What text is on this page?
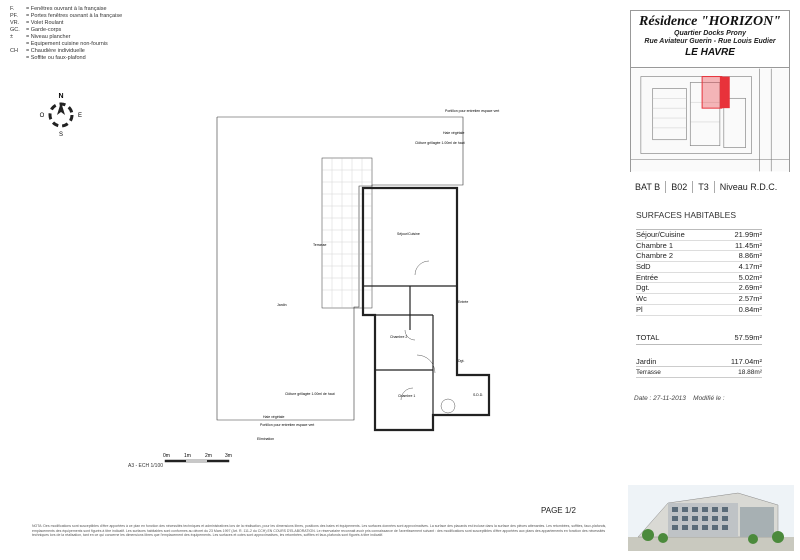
F.	= Fenêtres ouvrant à la française
PF.	= Portes fenêtres ouvrant à la française
VR.	= Volet Roulant
GC.	= Garde-corps
±	= Niveau plancher
= Equipement cuisine non-fournis
CH	= Chaudière individuelle
= Soffite ou faux-plafond
N
O	E
S
Terrasse
Jardin
Séjour/Cuisine
Chambre 2
Chambre 1
Entrée
Dgt.
S.D.D.
Clôture grillagée 1.00ml de haut
Clôture grillagée 1.00ml de haut
Haie végétale
Haie végétale
Portillon pour entretien espace vert
Portillon pour entretien espace vert
Elimination
0m	1m	2m	3m
A3 - ECH 1/100
Résidence "HORIZON"
Quartier Docks Prony
Rue Aviateur Guerin - Rue Louis Eudier
LE HAVRE
BAT B	B02	T3	Niveau R.D.C.
SURFACES HABITABLES
Séjour/Cuisine	21.99m²
Chambre 1	11.45m²
Chambre 2	8.86m²
SdD	4.17m²
Entrée	5.02m²
Dgt.	2.69m²
Wc	2.57m²
Pl	0.84m²
TOTAL	57.59m²
Jardin	117.04m²
Terrasse	18.88m²
Date : 27-11-2013 Modifié le :
PAGE 1/2
NOTA: Des modifications sont susceptibles d'être apportées à ce plan en fonction des nécessités techniques et administratives lors de la réalisation, pour les dimensions libres, positions des baies et équipements. Les surfaces données sont approximatives. La surface des placards est incluse dans la surface des pièces attenantes. Les retombées, soffites, faux-plafonds, emplacements des équipements sont figurés à titre indicatif. Les surfaces habitables sont conformes au décret du 23 Mars 1997 (Art. R. 111-2 du CCH) EN COURS D'ELABORATION. Le réservataire reconnait avoir pris connaissance de l'avertissement suivant : des modifications sont susceptibles d'être apportées aux plans des appartements en fonction des nécessités techniques lors de la réalisation, tant en ce qui concerne les dimensions libres que l'emplacement des équipements. Les surfaces et cotes sont approximatives, les retombées, soffites et faux-plafonds sont figurés à titre indicatif.
